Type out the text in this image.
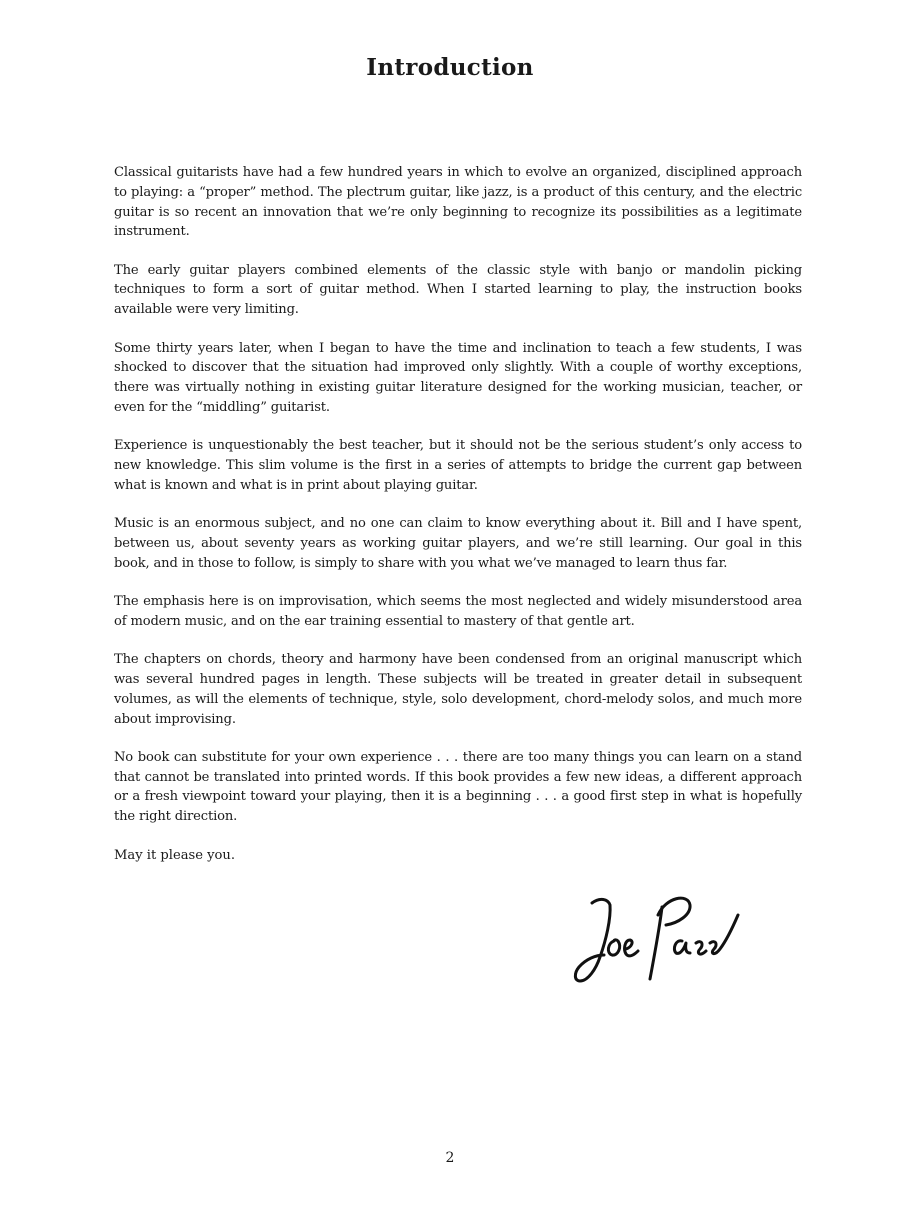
Introduction

Classical guitarists have had a few hundred years in which to evolve an organized, disciplined approach to playing: a “proper” method. The plectrum guitar, like jazz, is a product of this century, and the electric guitar is so recent an innovation that we’re only beginning to recognize its possibilities as a legitimate instrument.

The early guitar players combined elements of the classic style with banjo or mandolin picking techniques to form a sort of guitar method. When I started learning to play, the instruction books available were very limiting.

Some thirty years later, when I began to have the time and inclination to teach a few students, I was shocked to discover that the situation had improved only slightly. With a couple of worthy exceptions, there was virtually nothing in existing guitar literature designed for the working musician, teacher, or even for the “middling” guitarist.

Experience is unquestionably the best teacher, but it should not be the serious student’s only access to new knowledge. This slim volume is the first in a series of attempts to bridge the current gap between what is known and what is in print about playing guitar.

Music is an enormous subject, and no one can claim to know everything about it. Bill and I have spent, between us, about seventy years as working guitar players, and we’re still learning. Our goal in this book, and in those to follow, is simply to share with you what we’ve managed to learn thus far.

The emphasis here is on improvisation, which seems the most neglected and widely misunderstood area of modern music, and on the ear training essential to mastery of that gentle art.

The chapters on chords, theory and harmony have been condensed from an original manuscript which was several hundred pages in length. These subjects will be treated in greater detail in subsequent volumes, as will the elements of technique, style, solo development, chord-melody solos, and much more about improvising.

No book can substitute for your own experience . . . there are too many things you can learn on a stand that cannot be translated into printed words. If this book provides a few new ideas, a different approach or a fresh viewpoint toward your playing, then it is a beginning . . . a good first step in what is hopefully the right direction.

May it please you.

2
